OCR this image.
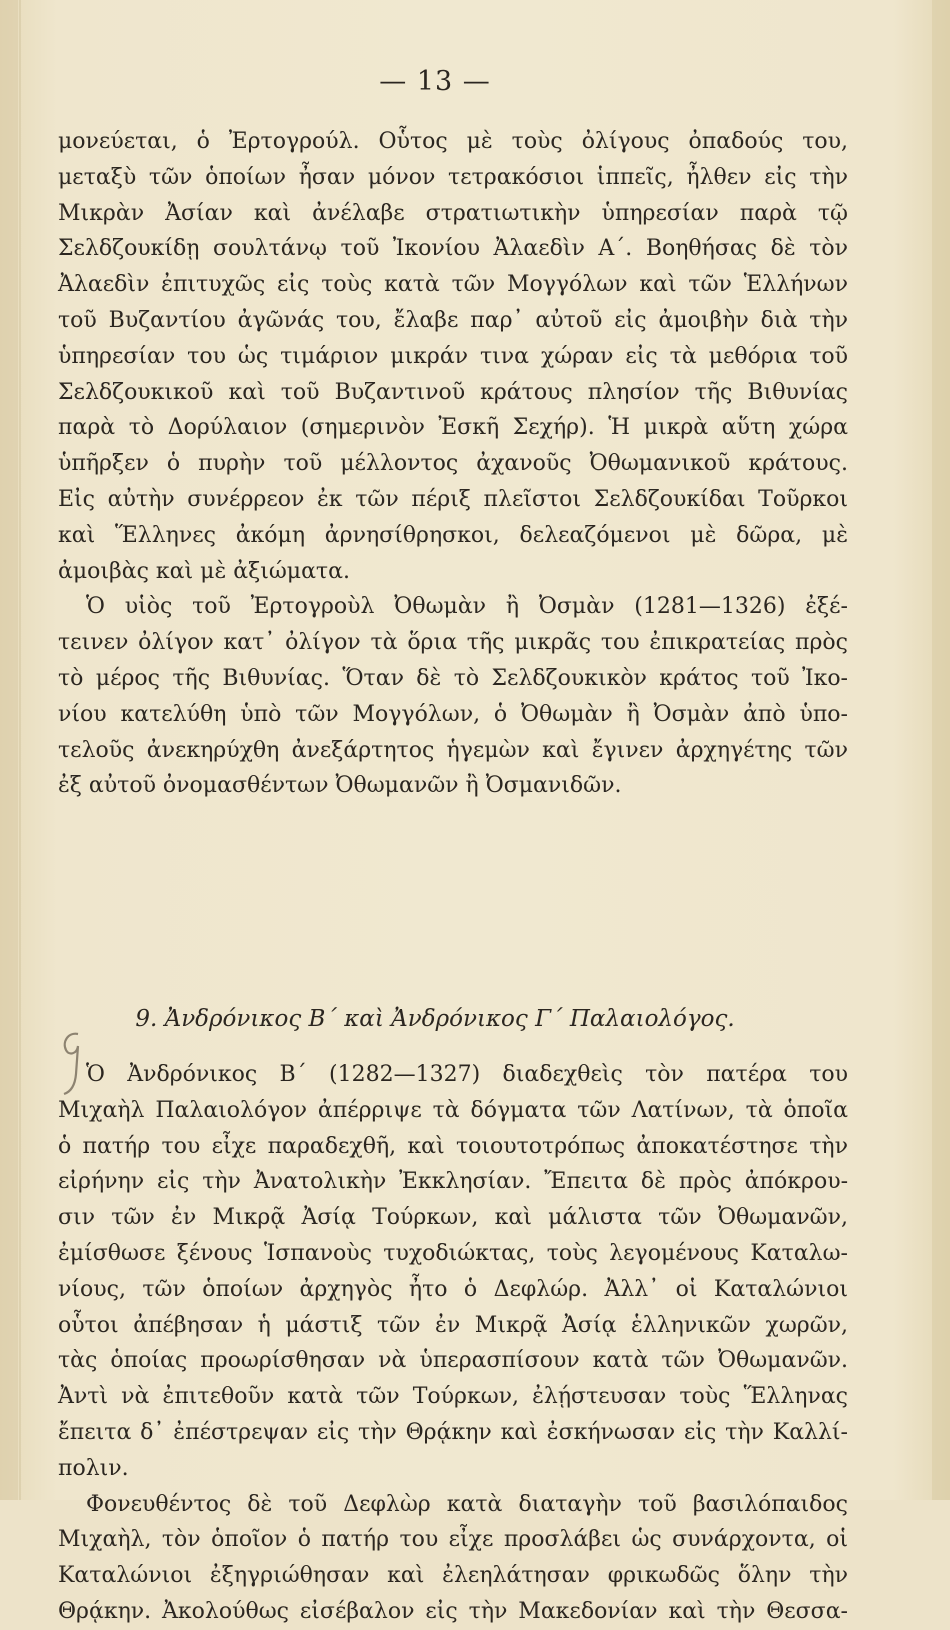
— 13 —
μονεύεται, ὁ Ἐρτογρούλ. Οὗτος μὲ τοὺς ὀλίγους ὀπαδούς του,
μεταξὺ τῶν ὁποίων ἦσαν μόνον τετρακόσιοι ἱππεῖς, ἦλθεν εἰς τὴν
Μικρὰν Ἀσίαν καὶ ἀνέλαβε στρατιωτικὴν ὑπηρεσίαν παρὰ τῷ
Σελδζουκίδῃ σουλτάνῳ τοῦ Ἰκονίου Ἀλαεδὶν Α΄. Βοηθήσας δὲ τὸν
Ἀλαεδὶν ἐπιτυχῶς εἰς τοὺς κατὰ τῶν Μογγόλων καὶ τῶν Ἑλλήνων
τοῦ Βυζαντίου ἀγῶνάς του, ἔλαβε παρ᾽ αὐτοῦ εἰς ἀμοιβὴν διὰ τὴν
ὑπηρεσίαν του ὡς τιμάριον μικράν τινα χώραν εἰς τὰ μεθόρια τοῦ
Σελδζουκικοῦ καὶ τοῦ Βυζαντινοῦ κράτους πλησίον τῆς Βιθυνίας
παρὰ τὸ Δορύλαιον (σημερινὸν Ἐσκῆ Σεχήρ). Ἡ μικρὰ αὕτη χώρα
ὑπῆρξεν ὁ πυρὴν τοῦ μέλλοντος ἀχανοῦς Ὀθωμανικοῦ κράτους.
Εἰς αὐτὴν συνέρρεον ἐκ τῶν πέριξ πλεῖστοι Σελδζουκίδαι Τοῦρκοι
καὶ Ἕλληνες ἀκόμη ἀρνησίθρησκοι, δελεαζόμενοι μὲ δῶρα, μὲ
ἀμοιβὰς καὶ μὲ ἀξιώματα.
Ὁ υἱὸς τοῦ Ἐρτογροὺλ Ὀθωμὰν ἢ Ὀσμὰν (1281—1326) ἐξέ-
τεινεν ὀλίγον κατ᾽ ὀλίγον τὰ ὅρια τῆς μικρᾶς του ἐπικρατείας πρὸς
τὸ μέρος τῆς Βιθυνίας. Ὅταν δὲ τὸ Σελδζουκικὸν κράτος τοῦ Ἰκο-
νίου κατελύθη ὑπὸ τῶν Μογγόλων, ὁ Ὀθωμὰν ἢ Ὀσμὰν ἀπὸ ὑπο-
τελοῦς ἀνεκηρύχθη ἀνεξάρτητος ἡγεμὼν καὶ ἔγινεν ἀρχηγέτης τῶν
ἐξ αὐτοῦ ὀνομασθέντων Ὀθωμανῶν ἢ Ὀσμανιδῶν.
9. Ἀνδρόνικος Β΄ καὶ Ἀνδρόνικος Γ΄ Παλαιολόγος.
Ὁ Ἀνδρόνικος Β΄ (1282—1327) διαδεχθεὶς τὸν πατέρα του
Μιχαὴλ Παλαιολόγον ἀπέρριψε τὰ δόγματα τῶν Λατίνων, τὰ ὁποῖα
ὁ πατήρ του εἶχε παραδεχθῆ, καὶ τοιουτοτρόπως ἀποκατέστησε τὴν
εἰρήνην εἰς τὴν Ἀνατολικὴν Ἐκκλησίαν. Ἔπειτα δὲ πρὸς ἀπόκρου-
σιν τῶν ἐν Μικρᾷ Ἀσίᾳ Τούρκων, καὶ μάλιστα τῶν Ὀθωμανῶν,
ἐμίσθωσε ξένους Ἱσπανοὺς τυχοδιώκτας, τοὺς λεγομένους Καταλω-
νίους, τῶν ὁποίων ἀρχηγὸς ἦτο ὁ Δεφλώρ. Ἀλλ᾽ οἱ Καταλώνιοι
οὗτοι ἀπέβησαν ἡ μάστιξ τῶν ἐν Μικρᾷ Ἀσίᾳ ἑλληνικῶν χωρῶν,
τὰς ὁποίας προωρίσθησαν νὰ ὑπερασπίσουν κατὰ τῶν Ὀθωμανῶν.
Ἀντὶ νὰ ἐπιτεθοῦν κατὰ τῶν Τούρκων, ἐλῄστευσαν τοὺς Ἕλληνας
ἔπειτα δ᾽ ἐπέστρεψαν εἰς τὴν Θρᾴκην καὶ ἐσκήνωσαν εἰς τὴν Καλλί-
πολιν.
Φονευθέντος δὲ τοῦ Δεφλὼρ κατὰ διαταγὴν τοῦ βασιλόπαιδος
Μιχαὴλ, τὸν ὁποῖον ὁ πατήρ του εἶχε προσλάβει ὡς συνάρχοντα, οἱ
Καταλώνιοι ἐξηγριώθησαν καὶ ἐλεηλάτησαν φρικωδῶς ὅλην τὴν
Θρᾴκην. Ἀκολούθως εἰσέβαλον εἰς τὴν Μακεδονίαν καὶ τὴν Θεσσα-
